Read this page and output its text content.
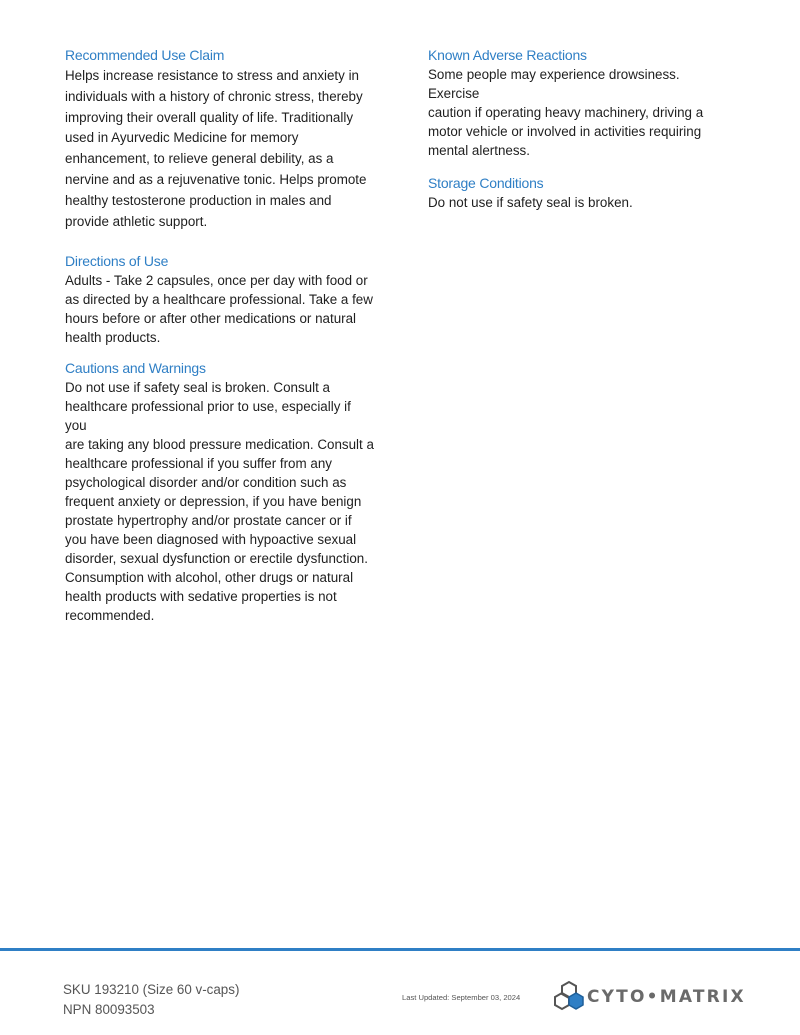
Recommended Use Claim

Helps increase resistance to stress and anxiety in
individuals with a history of chronic stress, thereby
improving their overall quality of life. Traditionally
used in Ayurvedic Medicine for memory
enhancement, to relieve general debility, as a
nervine and as a rejuvenative tonic. Helps promote
healthy testosterone production in males and
provide athletic support.

Directions of Use

Adults - Take 2 capsules, once per day with food or
as directed by a healthcare professional. Take a few
hours before or after other medications or natural
health products.

Cautions and Warnings

Do not use if safety seal is broken. Consult a
healthcare professional prior to use, especially if you
are taking any blood pressure medication. Consult a
healthcare professional if you suffer from any
psychological disorder and/or condition such as
frequent anxiety or depression, if you have benign
prostate hypertrophy and/or prostate cancer or if
you have been diagnosed with hypoactive sexual
disorder, sexual dysfunction or erectile dysfunction.
Consumption with alcohol, other drugs or natural
health products with sedative properties is not
recommended.

Known Adverse Reactions

Some people may experience drowsiness. Exercise
caution if operating heavy machinery, driving a
motor vehicle or involved in activities requiring
mental alertness.

Storage Conditions

Do not use if safety seal is broken.

SKU 193210 (Size 60 v-caps)
NPN 80093503
Last Updated: September 03, 2024	CYTO•MATRIX
